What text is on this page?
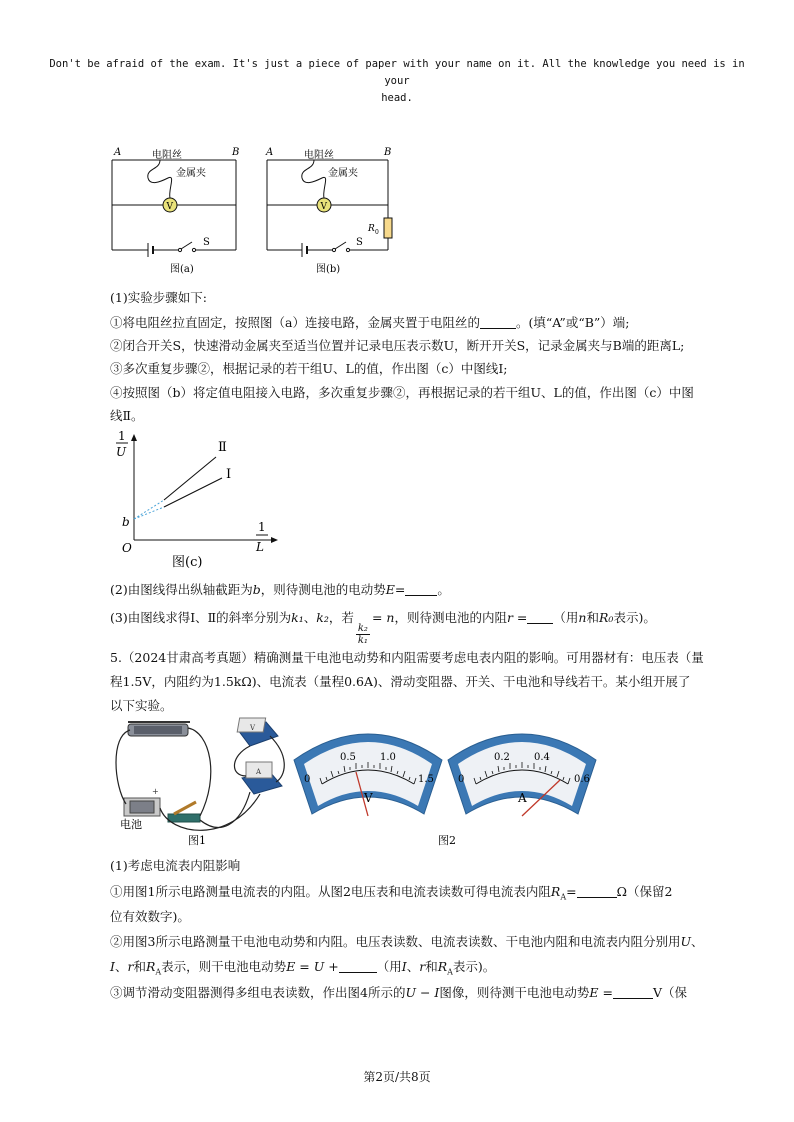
Don't be afraid of the exam. It's just a piece of paper with your name on it. All the knowledge you need is in your
head.
A	B
电阻丝
金属夹
V
S
图(a)
A	B
电阻丝
金属夹
R 0
V
S
图(b)
(1)实验步骤如下:
①将电阻丝拉直固定，按照图（a）连接电路，金属夹置于电阻丝的	。(填“A”或“B”）端;
②闭合开关S，快速滑动金属夹至适当位置并记录电压表示数U，断开开关S，记录金属夹与B端的距离L;
③多次重复步骤②，根据记录的若干组U、L的值，作出图（c）中图线Ⅰ;
④按照图（b）将定值电阻接入电路，多次重复步骤②，再根据记录的若干组U、L的值，作出图（c）中图
线Ⅱ。
1
U
1
L
O
b
Ⅱ
Ⅰ
图(c)
(2)由图线得出纵轴截距为b，则待测电池的电动势E=	。
(3)由图线求得Ⅰ、Ⅱ的斜率分别为k₁、k₂，若
$\frac{\text{k₂}}{\text{k₁}}$
= n，则待测电池的内阻r = （用n和R₀表示)。
5.（2024甘肃高考真题）精确测量干电池电动势和内阻需要考虑电表内阻的影响。可用器材有：电压表（量
程1.5V，内阻约为1.5kΩ)、电流表（量程0.6A)、滑动变阻器、开关、干电池和导线若干。某小组开展了
以下实验。
V
A
+
电池
图1
0
0.5 1.0
1.5
V
0
0.2 0.4
0.6
A
图2
(1)考虑电流表内阻影响
①用图1所示电路测量电流表的内阻。从图2电压表和电流表读数可得电流表内阻$R_A=$	Ω（保留2
位有效数字)。
②用图3所示电路测量干电池电动势和内阻。电压表读数、电流表读数、干电池内阻和电流表内阻分别用U、
I、r和$R_A$表示，则干电池电动势E = U +	（用I、r和$R_A$表示)。
③调节滑动变阻器测得多组电表读数，作出图4所示的U − I图像，则待测干电池电动势E =	V（保
第2页/共8页
